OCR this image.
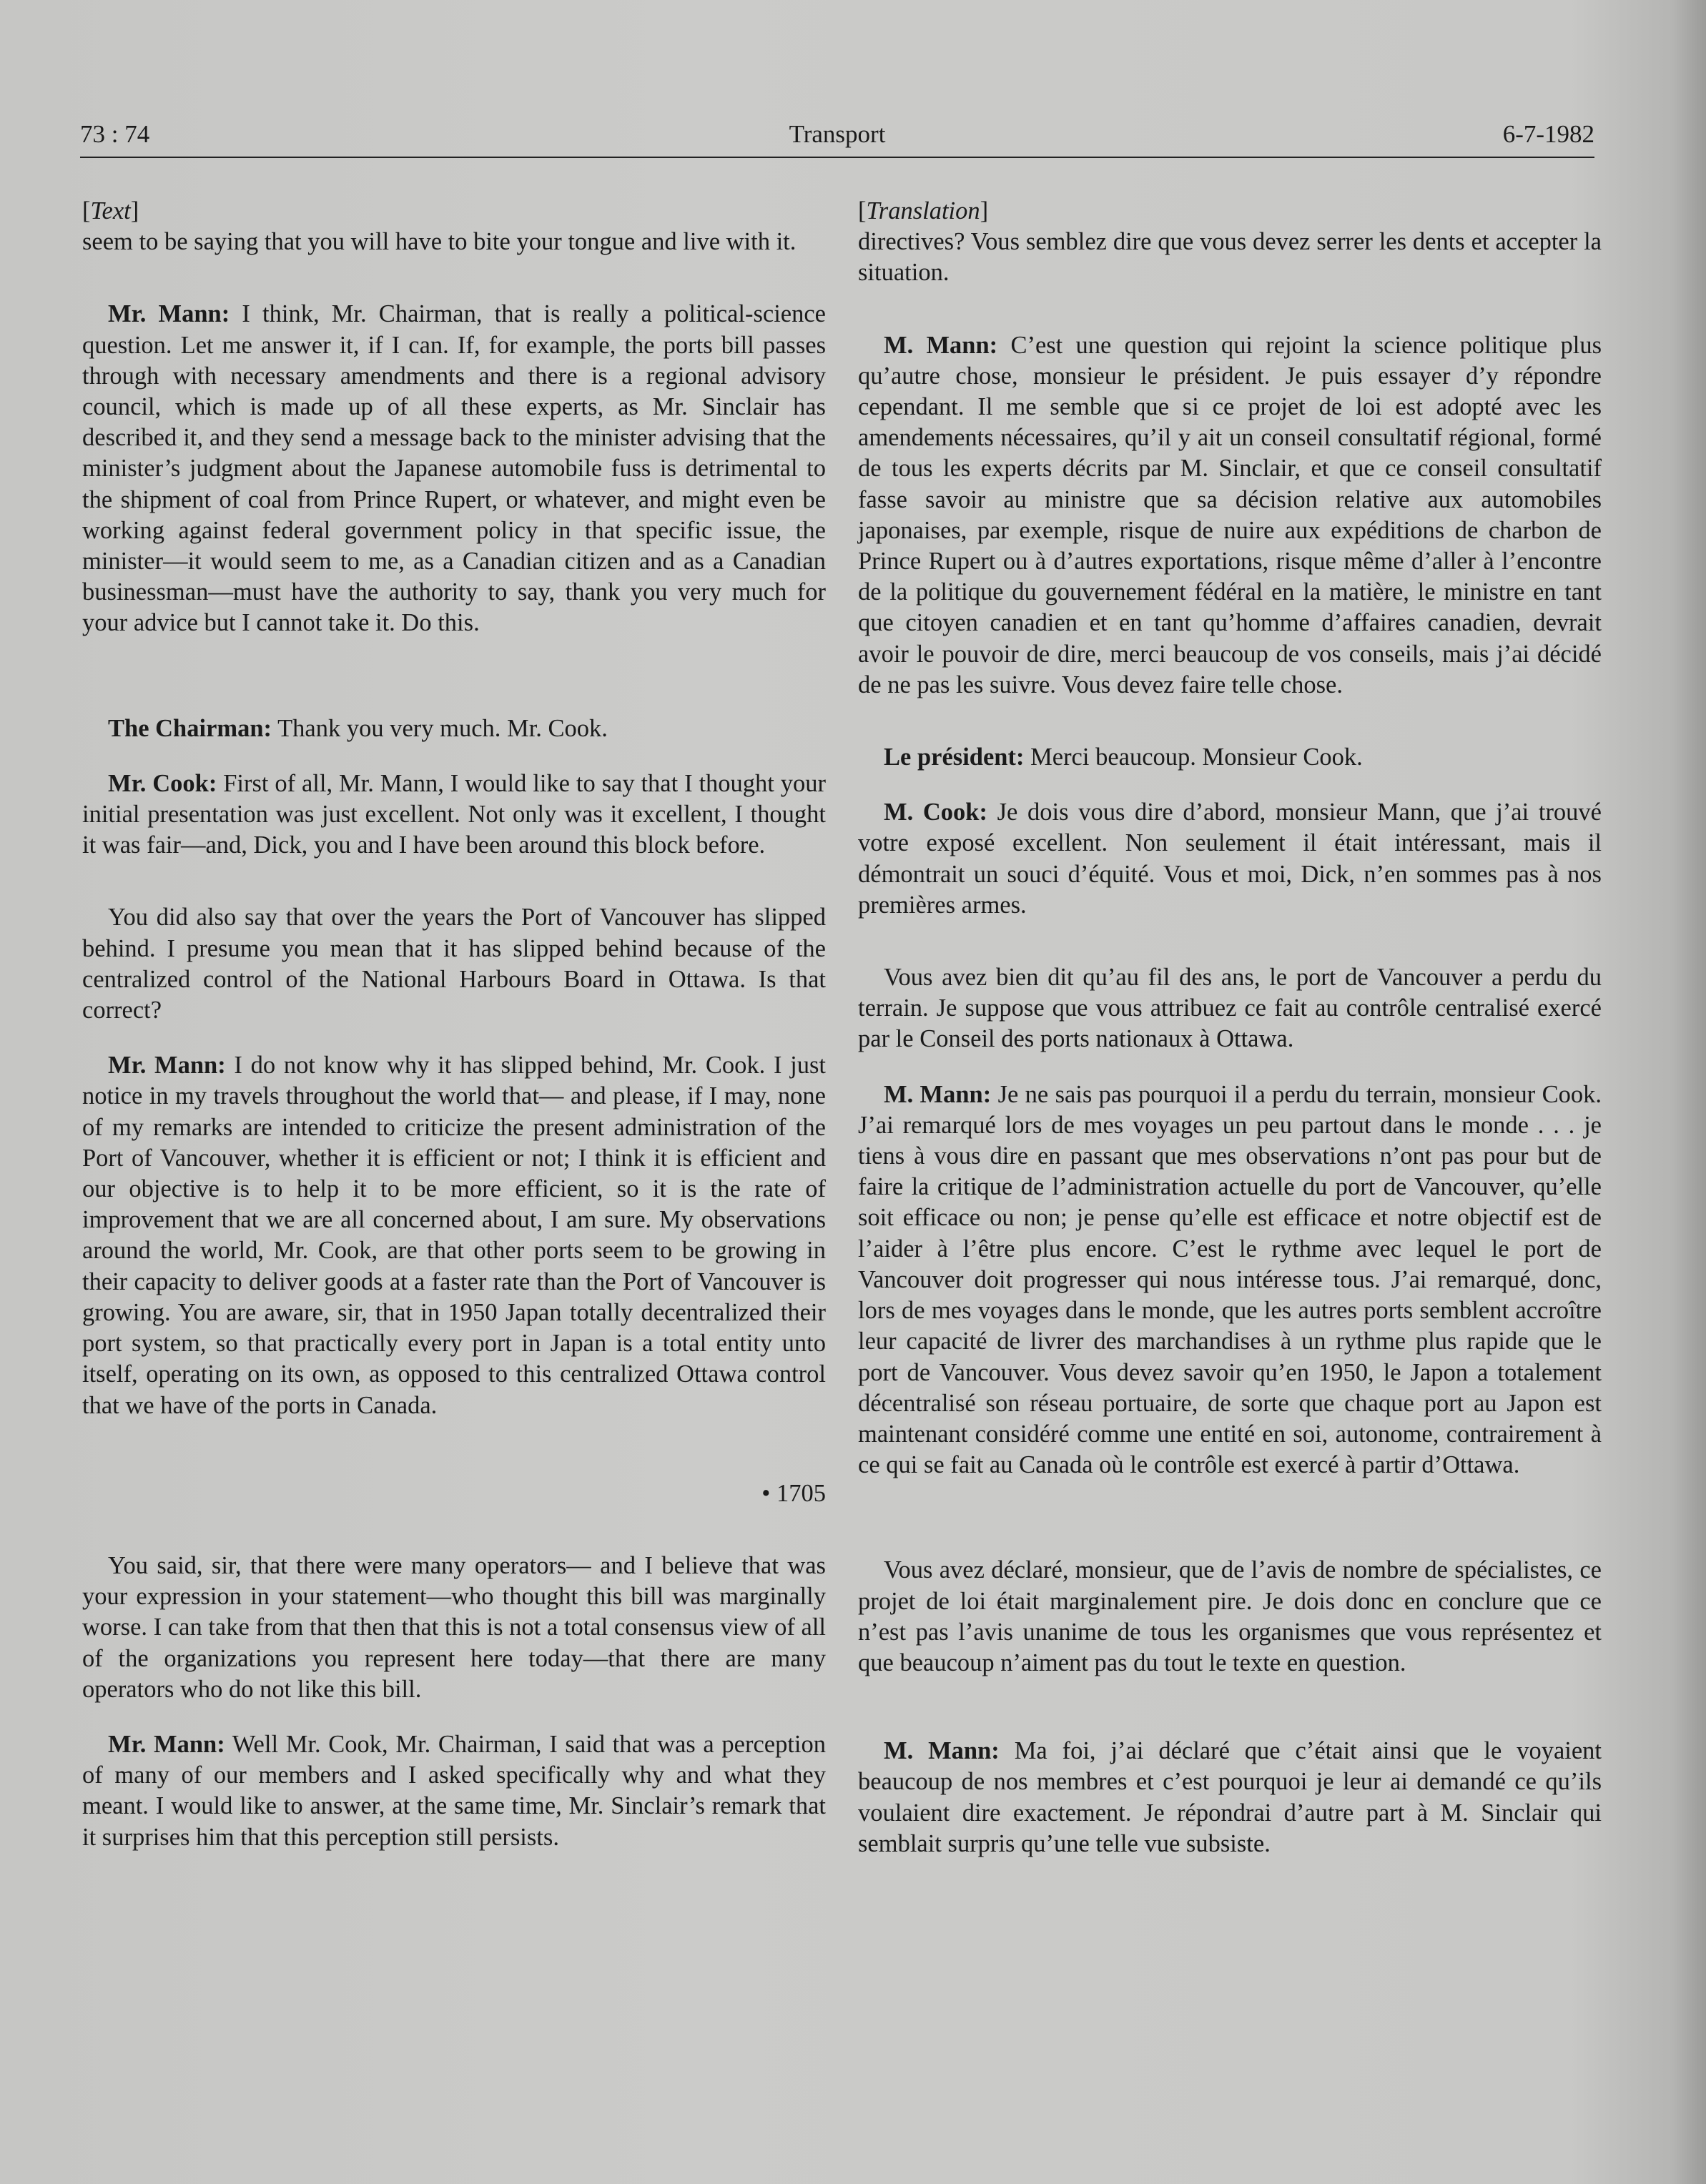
73 : 74	Transport	6-7-1982

[Text]

seem to be saying that you will have to bite your tongue and live with it.

Mr. Mann: I think, Mr. Chairman, that is really a political-science question. Let me answer it, if I can. If, for example, the ports bill passes through with necessary amendments and there is a regional advisory council, which is made up of all these experts, as Mr. Sinclair has described it, and they send a message back to the minister advising that the minister’s judgment about the Japanese automobile fuss is detrimental to the shipment of coal from Prince Rupert, or whatever, and might even be working against federal government policy in that specific issue, the minister—it would seem to me, as a Canadian citizen and as a Canadian businessman—must have the authority to say, thank you very much for your advice but I cannot take it. Do this.

The Chairman: Thank you very much. Mr. Cook.

Mr. Cook: First of all, Mr. Mann, I would like to say that I thought your initial presentation was just excellent. Not only was it excellent, I thought it was fair—and, Dick, you and I have been around this block before.

You did also say that over the years the Port of Vancouver has slipped behind. I presume you mean that it has slipped behind because of the centralized control of the National Harbours Board in Ottawa. Is that correct?

Mr. Mann: I do not know why it has slipped behind, Mr. Cook. I just notice in my travels throughout the world that— and please, if I may, none of my remarks are intended to criticize the present administration of the Port of Vancouver, whether it is efficient or not; I think it is efficient and our objective is to help it to be more efficient, so it is the rate of improvement that we are all concerned about, I am sure. My observations around the world, Mr. Cook, are that other ports seem to be growing in their capacity to deliver goods at a faster rate than the Port of Vancouver is growing. You are aware, sir, that in 1950 Japan totally decentralized their port system, so that practically every port in Japan is a total entity unto itself, operating on its own, as opposed to this centralized Ottawa control that we have of the ports in Canada.

• 1705

You said, sir, that there were many operators— and I believe that was your expression in your statement—who thought this bill was marginally worse. I can take from that then that this is not a total consensus view of all of the organizations you represent here today—that there are many operators who do not like this bill.

Mr. Mann: Well Mr. Cook, Mr. Chairman, I said that was a perception of many of our members and I asked specifically why and what they meant. I would like to answer, at the same time, Mr. Sinclair’s remark that it surprises him that this perception still persists.

[Translation]

directives? Vous semblez dire que vous devez serrer les dents et accepter la situation.

M. Mann: C’est une question qui rejoint la science politique plus qu’autre chose, monsieur le président. Je puis essayer d’y répondre cependant. Il me semble que si ce projet de loi est adopté avec les amendements nécessaires, qu’il y ait un conseil consultatif régional, formé de tous les experts décrits par M. Sinclair, et que ce conseil consultatif fasse savoir au ministre que sa décision relative aux automobiles japonaises, par exemple, risque de nuire aux expéditions de charbon de Prince Rupert ou à d’autres exportations, risque même d’aller à l’encontre de la politique du gouvernement fédéral en la matière, le ministre en tant que citoyen canadien et en tant qu’homme d’affaires canadien, devrait avoir le pouvoir de dire, merci beaucoup de vos conseils, mais j’ai décidé de ne pas les suivre. Vous devez faire telle chose.

Le président: Merci beaucoup. Monsieur Cook.

M. Cook: Je dois vous dire d’abord, monsieur Mann, que j’ai trouvé votre exposé excellent. Non seulement il était intéressant, mais il démontrait un souci d’équité. Vous et moi, Dick, n’en sommes pas à nos premières armes.

Vous avez bien dit qu’au fil des ans, le port de Vancouver a perdu du terrain. Je suppose que vous attribuez ce fait au contrôle centralisé exercé par le Conseil des ports nationaux à Ottawa.

M. Mann: Je ne sais pas pourquoi il a perdu du terrain, monsieur Cook. J’ai remarqué lors de mes voyages un peu partout dans le monde . . . je tiens à vous dire en passant que mes observations n’ont pas pour but de faire la critique de l’administration actuelle du port de Vancouver, qu’elle soit efficace ou non; je pense qu’elle est efficace et notre objectif est de l’aider à l’être plus encore. C’est le rythme avec lequel le port de Vancouver doit progresser qui nous intéresse tous. J’ai remarqué, donc, lors de mes voyages dans le monde, que les autres ports semblent accroître leur capacité de livrer des marchandises à un rythme plus rapide que le port de Vancouver. Vous devez savoir qu’en 1950, le Japon a totalement décentralisé son réseau portuaire, de sorte que chaque port au Japon est maintenant considéré comme une entité en soi, autonome, contrairement à ce qui se fait au Canada où le contrôle est exercé à partir d’Ottawa.

Vous avez déclaré, monsieur, que de l’avis de nombre de spécialistes, ce projet de loi était marginalement pire. Je dois donc en conclure que ce n’est pas l’avis unanime de tous les organismes que vous représentez et que beaucoup n’aiment pas du tout le texte en question.

M. Mann: Ma foi, j’ai déclaré que c’était ainsi que le voyaient beaucoup de nos membres et c’est pourquoi je leur ai demandé ce qu’ils voulaient dire exactement. Je répondrai d’autre part à M. Sinclair qui semblait surpris qu’une telle vue subsiste.
